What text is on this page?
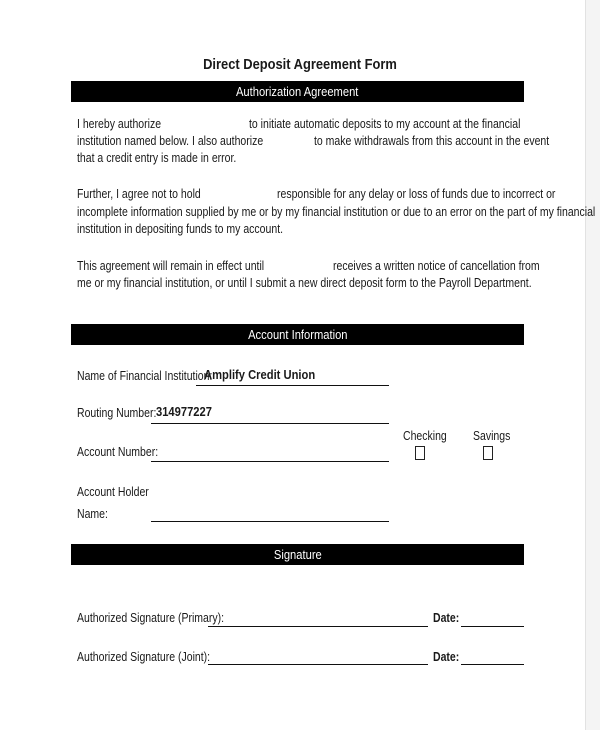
Direct Deposit Agreement Form
Authorization Agreement
I hereby authorize	to initiate automatic deposits to my account at the financial
institution named below. I also authorize	to make withdrawals from this account in the event
that a credit entry is made in error.
Further, I agree not to hold	responsible for any delay or loss of funds due to incorrect or
incomplete information supplied by me or by my financial institution or due to an error on the part of my financial
institution in depositing funds to my account.
This agreement will remain in effect until	receives a written notice of cancellation from
me or my financial institution, or until I submit a new direct deposit form to the Payroll Department.
Account Information
Name of Financial Institution:
Amplify Credit Union
Routing Number: 314977227
Account Number:
Checking Savings
Account Holder
Name:
Signature
Authorized Signature (Primary):	Date:
Authorized Signature (Joint):	Date:
